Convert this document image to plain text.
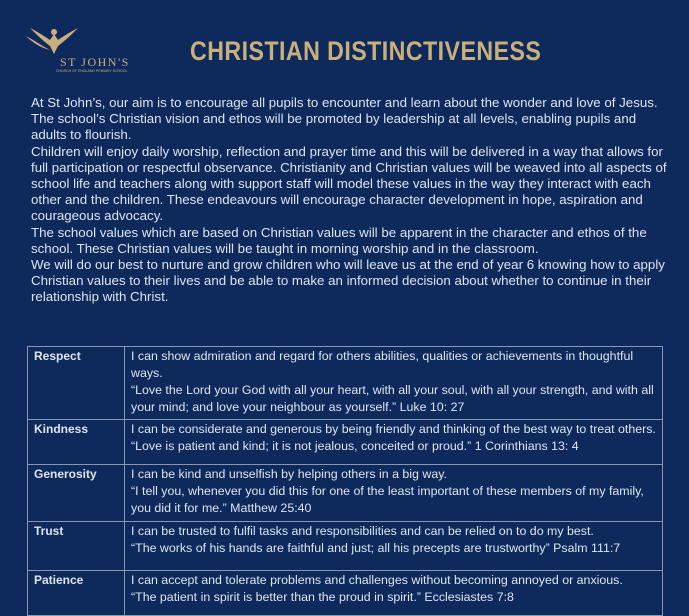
ST JOHN'S
CHURCH OF ENGLAND PRIMARY SCHOOL
CHRISTIAN DISTINCTIVENESS

At St John’s, our aim is to encourage all pupils to encounter and learn about the wonder and love of Jesus. The school’s Christian vision and ethos will be promoted by leadership at all levels, enabling pupils and adults to flourish.

Children will enjoy daily worship, reflection and prayer time and this will be delivered in a way that allows for full participation or respectful observance. Christianity and Christian values will be weaved into all aspects of school life and teachers along with support staff will model these values in the way they interact with each other and the children. These endeavours will encourage character development in hope, aspiration and courageous advocacy.

The school values which are based on Christian values will be apparent in the character and ethos of the school. These Christian values will be taught in morning worship and in the classroom.

We will do our best to nurture and grow children who will leave us at the end of year 6 knowing how to apply Christian values to their lives and be able to make an informed decision about whether to continue in their relationship with Christ.

Respect	I can show admiration and regard for others abilities, qualities or achievements in thoughtful ways.

“Love the Lord your God with all your heart, with all your soul, with all your strength, and with all your mind; and love your neighbour as yourself.” Luke 10: 27

Kindness	I can be considerate and generous by being friendly and thinking of the best way to treat others.

“Love is patient and kind; it is not jealous, conceited or proud.” 1 Corinthians 13: 4

Generosity	I can be kind and unselfish by helping others in a big way.

“I tell you, whenever you did this for one of the least important of these members of my family, you did it for me.” Matthew 25:40

Trust	I can be trusted to fulfil tasks and responsibilities and can be relied on to do my best.

“The works of his hands are faithful and just; all his precepts are trustworthy” Psalm 111:7

Patience	I can accept and tolerate problems and challenges without becoming annoyed or anxious.

“The patient in spirit is better than the proud in spirit.” Ecclesiastes 7:8
